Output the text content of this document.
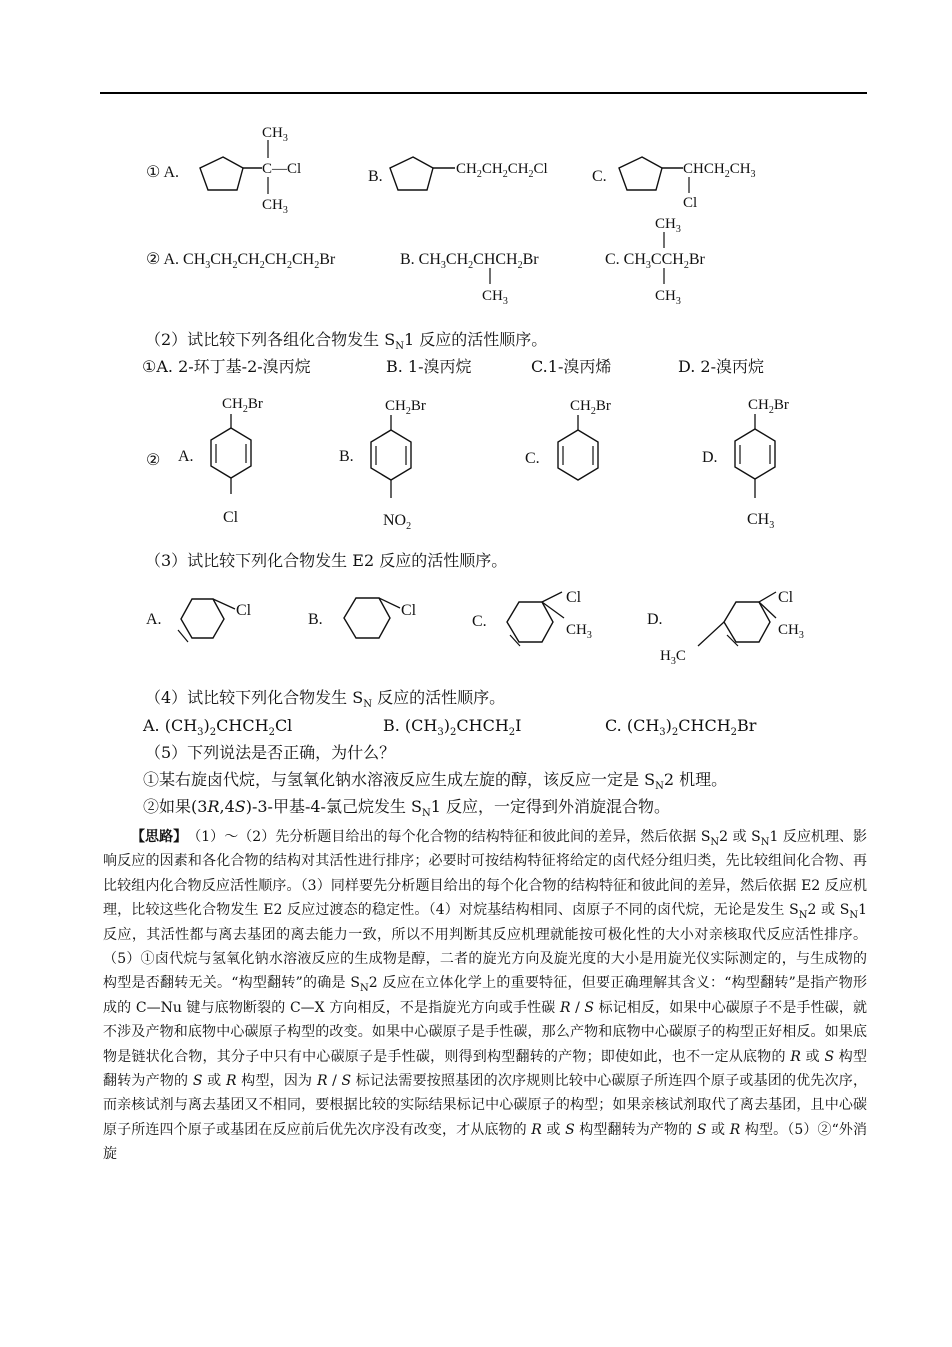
① A.
$CH_3$
C—Cl
$CH_3$
B.	$CH_2CH_2CH_2Cl$	C.	$CHCH_2CH_3$
Cl
② A. $CH_3CH_2CH_2CH_2CH_2Br$	B. $CH_3CH_2CHCH_2Br$
$CH_3$
$CH_3$
C. $CH_3CCH_2Br$
$CH_3$
（2）试比较下列各组化合物发生 $S_N1$ 反应的活性顺序。
①A. 2-环丁基-2-溴丙烷	B. 1-溴丙烷	C.1-溴丙烯	D. 2-溴丙烷
② A.
$CH_2Br$
Cl
B.
$CH_2Br$
$NO_2$
C.
$CH_2Br$
D.
$CH_2Br$
$CH_3$
（3）试比较下列化合物发生 E2 反应的活性顺序。
A.
Cl
B.
Cl
C.
Cl
$CH_3$
D.
$H_3C$
Cl
$CH_3$
（4）试比较下列化合物发生 $S_N$ 反应的活性顺序。
A. $(CH_3)_2CHCH_2Cl$	B. $(CH_3)_2CHCH_2I$	C. $(CH_3)_2CHCH_2Br$
（5）下列说法是否正确，为什么？
①某右旋卤代烷，与氢氧化钠水溶液反应生成左旋的醇，该反应一定是 $S_N2$ 机理。
②如果(3R,4S)-3-甲基-4-氯己烷发生 $S_N1$ 反应，一定得到外消旋混合物。
【思路】　（1）～（2）先分析题目给出的每个化合物的结构特征和彼此间的差异，然后依据 $S_N2$ 或 $S_N1$ 反应机理、影响反应的因素和各化合物的结构对其活性进行排序；必要时可按结构特征将给定的卤代烃分组归类，先比较组间化合物、再比较组内化合物反应活性顺序。（3）同样要先分析题目给出的每个化合物的结构特征和彼此间的差异，然后依据 E2 反应机理，比较这些化合物发生 E2 反应过渡态的稳定性。（4）对烷基结构相同、卤原子不同的卤代烷，无论是发生 $S_N2$ 或 $S_N1$ 反应，其活性都与离去基团的离去能力一致，所以不用判断其反应机理就能按可极化性的大小对亲核取代反应活性排序。（5）①卤代烷与氢氧化钠水溶液反应的生成物是醇，二者的旋光方向及旋光度的大小是用旋光仪实际测定的，与生成物的构型是否翻转无关。“构型翻转”的确是 $S_N2$ 反应在立体化学上的重要特征，但要正确理解其含义：“构型翻转”是指产物形成的 C—Nu 键与底物断裂的 C—X 方向相反，不是指旋光方向或手性碳 R / S 标记相反，如果中心碳原子不是手性碳，就不涉及产物和底物中心碳原子构型的改变。如果中心碳原子是手性碳，那么产物和底物中心碳原子的构型正好相反。如果底物是链状化合物，其分子中只有中心碳原子是手性碳，则得到构型翻转的产物；即使如此，也不一定从底物的 R 或 S 构型翻转为产物的 S 或 R 构型，因为 R / S 标记法需要按照基团的次序规则比较中心碳原子所连四个原子或基团的优先次序，而亲核试剂与离去基团又不相同，要根据比较的实际结果标记中心碳原子的构型；如果亲核试剂取代了离去基团，且中心碳原子所连四个原子或基团在反应前后优先次序没有改变，才从底物的 R 或 S 构型翻转为产物的 S 或 R 构型。（5）②“外消旋
